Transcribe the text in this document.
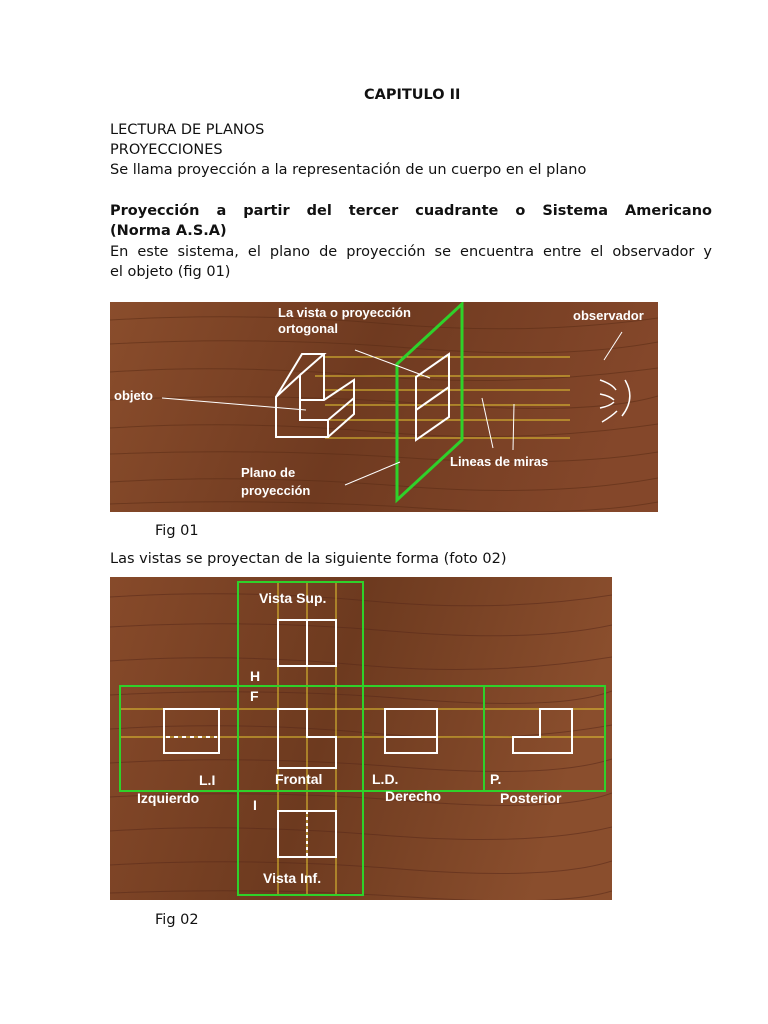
CAPITULO II
LECTURA DE PLANOS
PROYECCIONES
Se llama proyección a la representación de un cuerpo en el plano
Proyección a partir del tercer cuadrante o Sistema Americano
(Norma A.S.A)
En este sistema, el plano de proyección se encuentra entre el observador y
el objeto (fig 01)
La vista o proyección
ortogonal
observador
objeto
Plano de
proyección
Lineas de miras
Fig 01
Las vistas se proyectan de la siguiente forma (foto 02)
Vista Sup.
H
F
L.I
Izquierdo
Frontal	L.D.
Derecho
P.
Posterior
I
Vista Inf.
Fig 02
